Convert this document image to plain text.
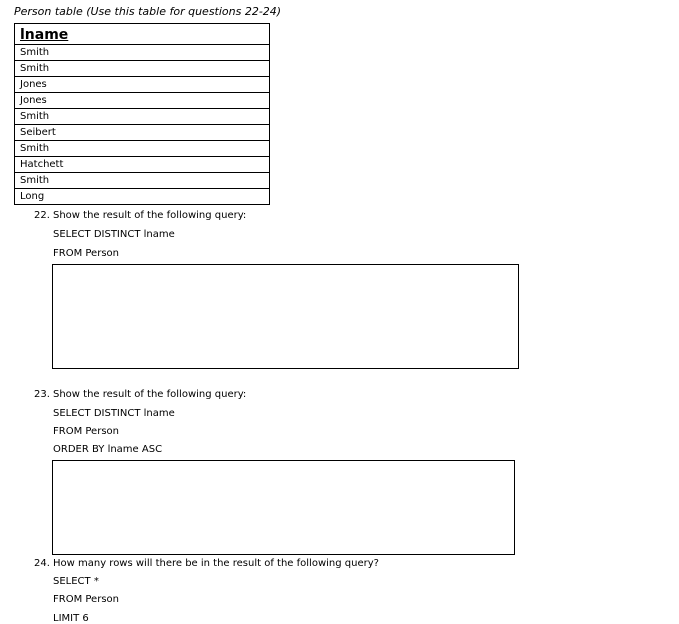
Person table (Use this table for questions 22-24)
lname
Smith
Smith
Jones
Jones
Smith
Seibert
Smith
Hatchett
Smith
Long
22. Show the result of the following query:
SELECT DISTINCT lname
FROM Person
23. Show the result of the following query:
SELECT DISTINCT lname
FROM Person
ORDER BY lname ASC
24. How many rows will there be in the result of the following query?
SELECT *
FROM Person
LIMIT 6
